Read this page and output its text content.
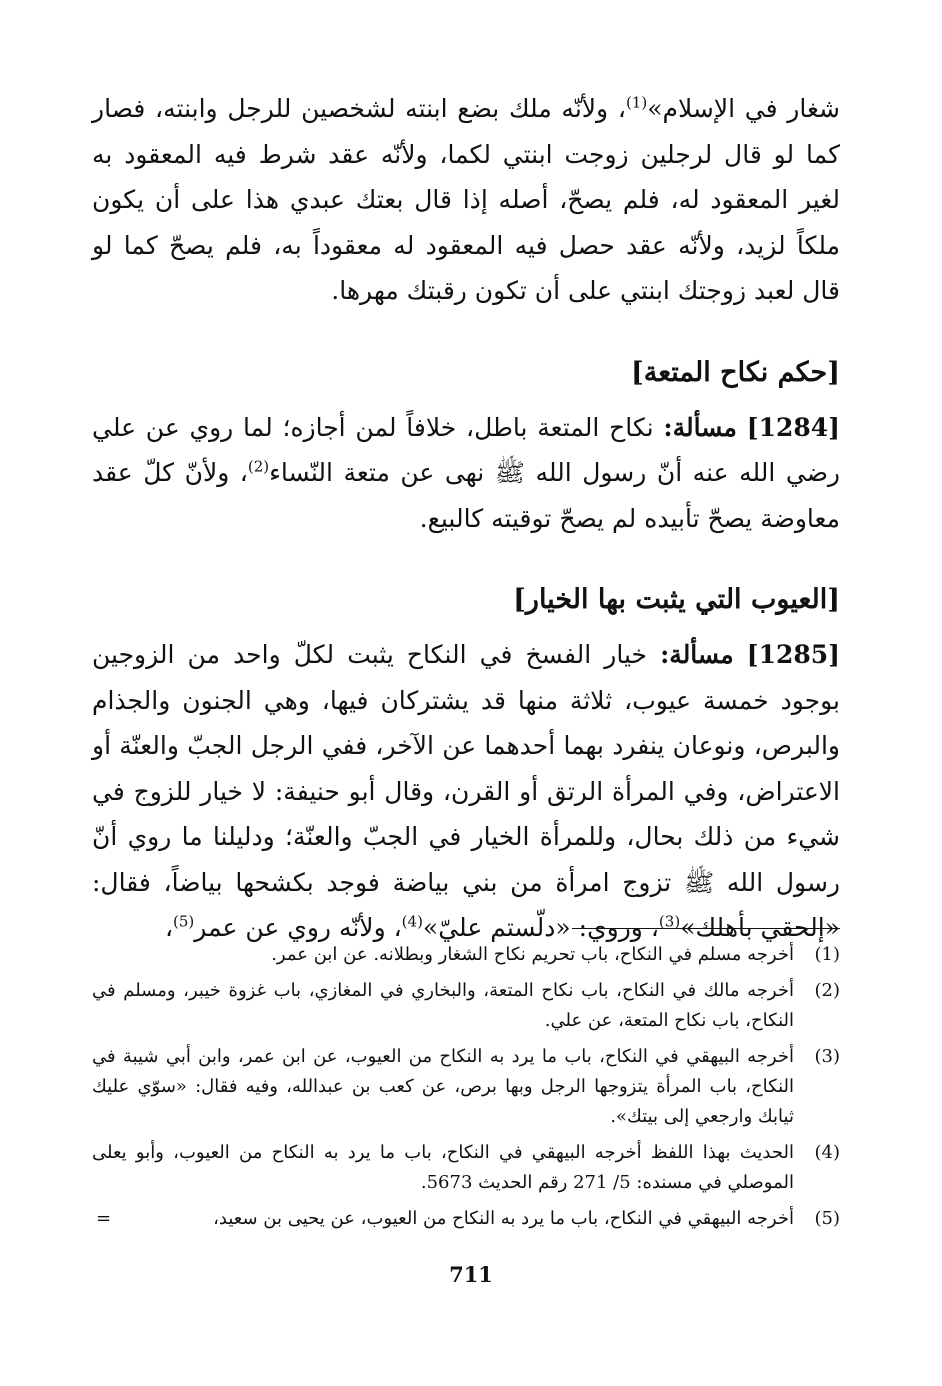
شغار في الإسلام»$^{(1)}$، ولأنّه ملك بضع ابنته لشخصين للرجل وابنته، فصار كما لو قال لرجلين زوجت ابنتي لكما، ولأنّه عقد شرط فيه المعقود به لغير المعقود له، فلم يصحّ، أصله إذا قال بعتك عبدي هذا على أن يكون ملكاً لزيد، ولأنّه عقد حصل فيه المعقود له معقوداً به، فلم يصحّ كما لو قال لعبد زوجتك ابنتي على أن تكون رقبتك مهرها.

[حكم نكاح المتعة]

[1284] مسألة: نكاح المتعة باطل، خلافاً لمن أجازه؛ لما روي عن علي رضي الله عنه أنّ رسول الله ﷺ نهى عن متعة النّساء$^{(2)}$، ولأنّ كلّ عقد معاوضة يصحّ تأبيده لم يصحّ توقيته كالبيع.

[العيوب التي يثبت بها الخيار]

[1285] مسألة: خيار الفسخ في النكاح يثبت لكلّ واحد من الزوجين بوجود خمسة عيوب، ثلاثة منها قد يشتركان فيها، وهي الجنون والجذام والبرص، ونوعان ينفرد بهما أحدهما عن الآخر، ففي الرجل الجبّ والعنّة أو الاعتراض، وفي المرأة الرتق أو القرن، وقال أبو حنيفة: لا خيار للزوج في شيء من ذلك بحال، وللمرأة الخيار في الجبّ والعنّة؛ ودليلنا ما روي أنّ رسول الله ﷺ تزوج امرأة من بني بياضة فوجد بكشحها بياضاً، فقال: «إلحقي بأهلك»$^{(3)}$، وروي: «دلّستم عليّ»$^{(4)}$، ولأنّه روي عن عمر$^{(5)}$،

(1)
أخرجه مسلم في النكاح، باب تحريم نكاح الشغار وبطلانه. عن ابن عمر.
(2)
أخرجه مالك في النكاح، باب نكاح المتعة، والبخاري في المغازي، باب غزوة خيبر، ومسلم في النكاح، باب نكاح المتعة، عن علي.
(3)
أخرجه البيهقي في النكاح، باب ما يرد به النكاح من العيوب، عن ابن عمر، وابن أبي شيبة في النكاح، باب المرأة يتزوجها الرجل وبها برص، عن كعب بن عبدالله، وفيه فقال: «سوّي عليك ثيابك وارجعي إلى بيتك».
(4)
الحديث بهذا اللفظ أخرجه البيهقي في النكاح، باب ما يرد به النكاح من العيوب، وأبو يعلى الموصلي في مسنده: 5/ 271 رقم الحديث 5673.
(5)
أخرجه البيهقي في النكاح، باب ما يرد به النكاح من العيوب، عن يحيى بن سعيد،
=
711
